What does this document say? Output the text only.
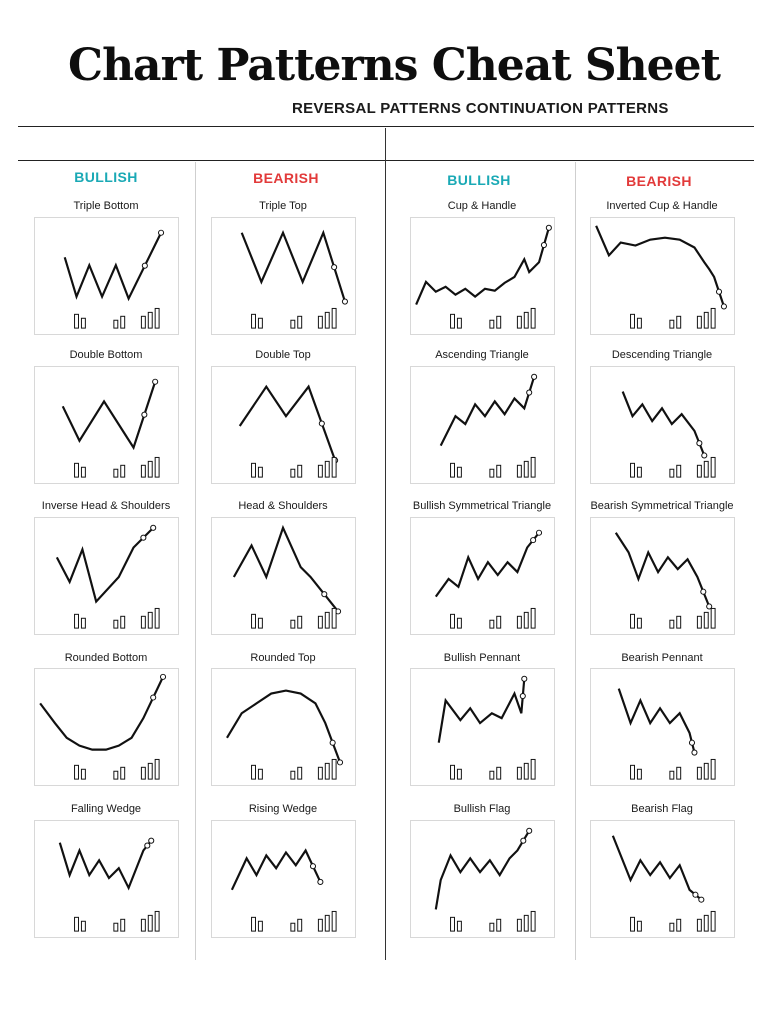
Chart Patterns Cheat Sheet
REVERSAL PATTERNS CONTINUATION PATTERNS
BULLISH	BEARISH	BULLISH	BEARISH
Triple Bottom	Triple Top	Cup & Handle	Inverted Cup & Handle
Double Bottom	Double Top	Ascending Triangle	Descending Triangle
Inverse Head & Shoulders	Head & Shoulders	Bullish Symmetrical Triangle	Bearish Symmetrical Triangle
Rounded Bottom	Rounded Top	Bullish Pennant	Bearish Pennant
Falling Wedge	Rising Wedge	Bullish Flag	Bearish Flag
